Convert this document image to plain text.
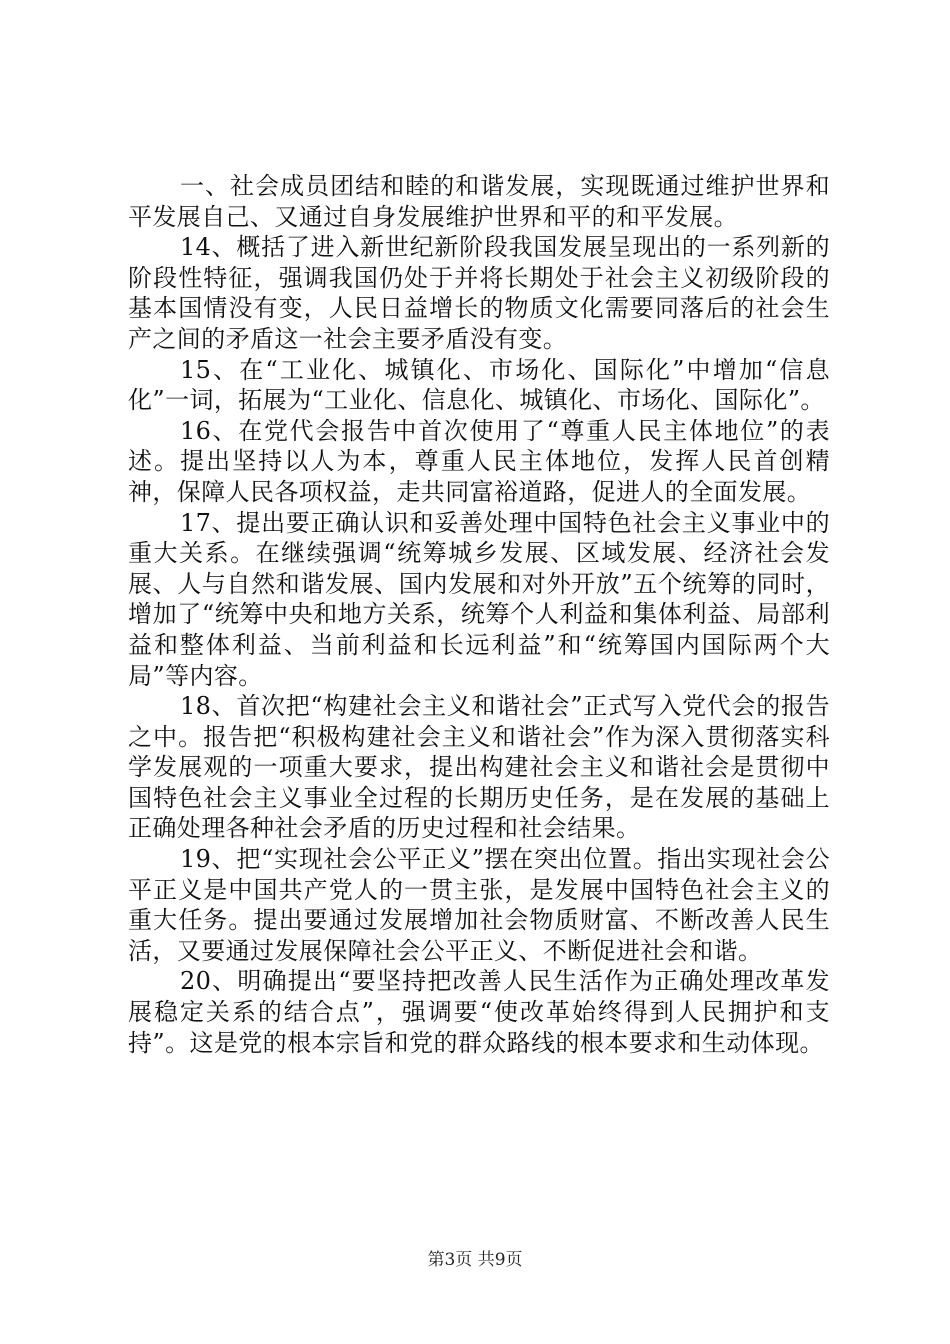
一、社会成员团结和睦的和谐发展，实现既通过维护世界和平发展自己、又通过自身发展维护世界和平的和平发展。

14、概括了进入新世纪新阶段我国发展呈现出的一系列新的阶段性特征，强调我国仍处于并将长期处于社会主义初级阶段的基本国情没有变，人民日益增长的物质文化需要同落后的社会生产之间的矛盾这一社会主要矛盾没有变。

15、在“工业化、城镇化、市场化、国际化”中增加“信息化”一词，拓展为“工业化、信息化、城镇化、市场化、国际化”。

16、在党代会报告中首次使用了“尊重人民主体地位”的表述。提出坚持以人为本，尊重人民主体地位，发挥人民首创精神，保障人民各项权益，走共同富裕道路，促进人的全面发展。

17、提出要正确认识和妥善处理中国特色社会主义事业中的重大关系。在继续强调“统筹城乡发展、区域发展、经济社会发展、人与自然和谐发展、国内发展和对外开放”五个统筹的同时，增加了“统筹中央和地方关系，统筹个人利益和集体利益、局部利益和整体利益、当前利益和长远利益”和“统筹国内国际两个大局”等内容。

18、首次把“构建社会主义和谐社会”正式写入党代会的报告之中。报告把“积极构建社会主义和谐社会”作为深入贯彻落实科学发展观的一项重大要求，提出构建社会主义和谐社会是贯彻中国特色社会主义事业全过程的长期历史任务，是在发展的基础上正确处理各种社会矛盾的历史过程和社会结果。

19、把“实现社会公平正义”摆在突出位置。指出实现社会公平正义是中国共产党人的一贯主张，是发展中国特色社会主义的重大任务。提出要通过发展增加社会物质财富、不断改善人民生活，又要通过发展保障社会公平正义、不断促进社会和谐。

20、明确提出“要坚持把改善人民生活作为正确处理改革发展稳定关系的结合点”，强调要“使改革始终得到人民拥护和支持”。这是党的根本宗旨和党的群众路线的根本要求和生动体现。

第3页 共9页
